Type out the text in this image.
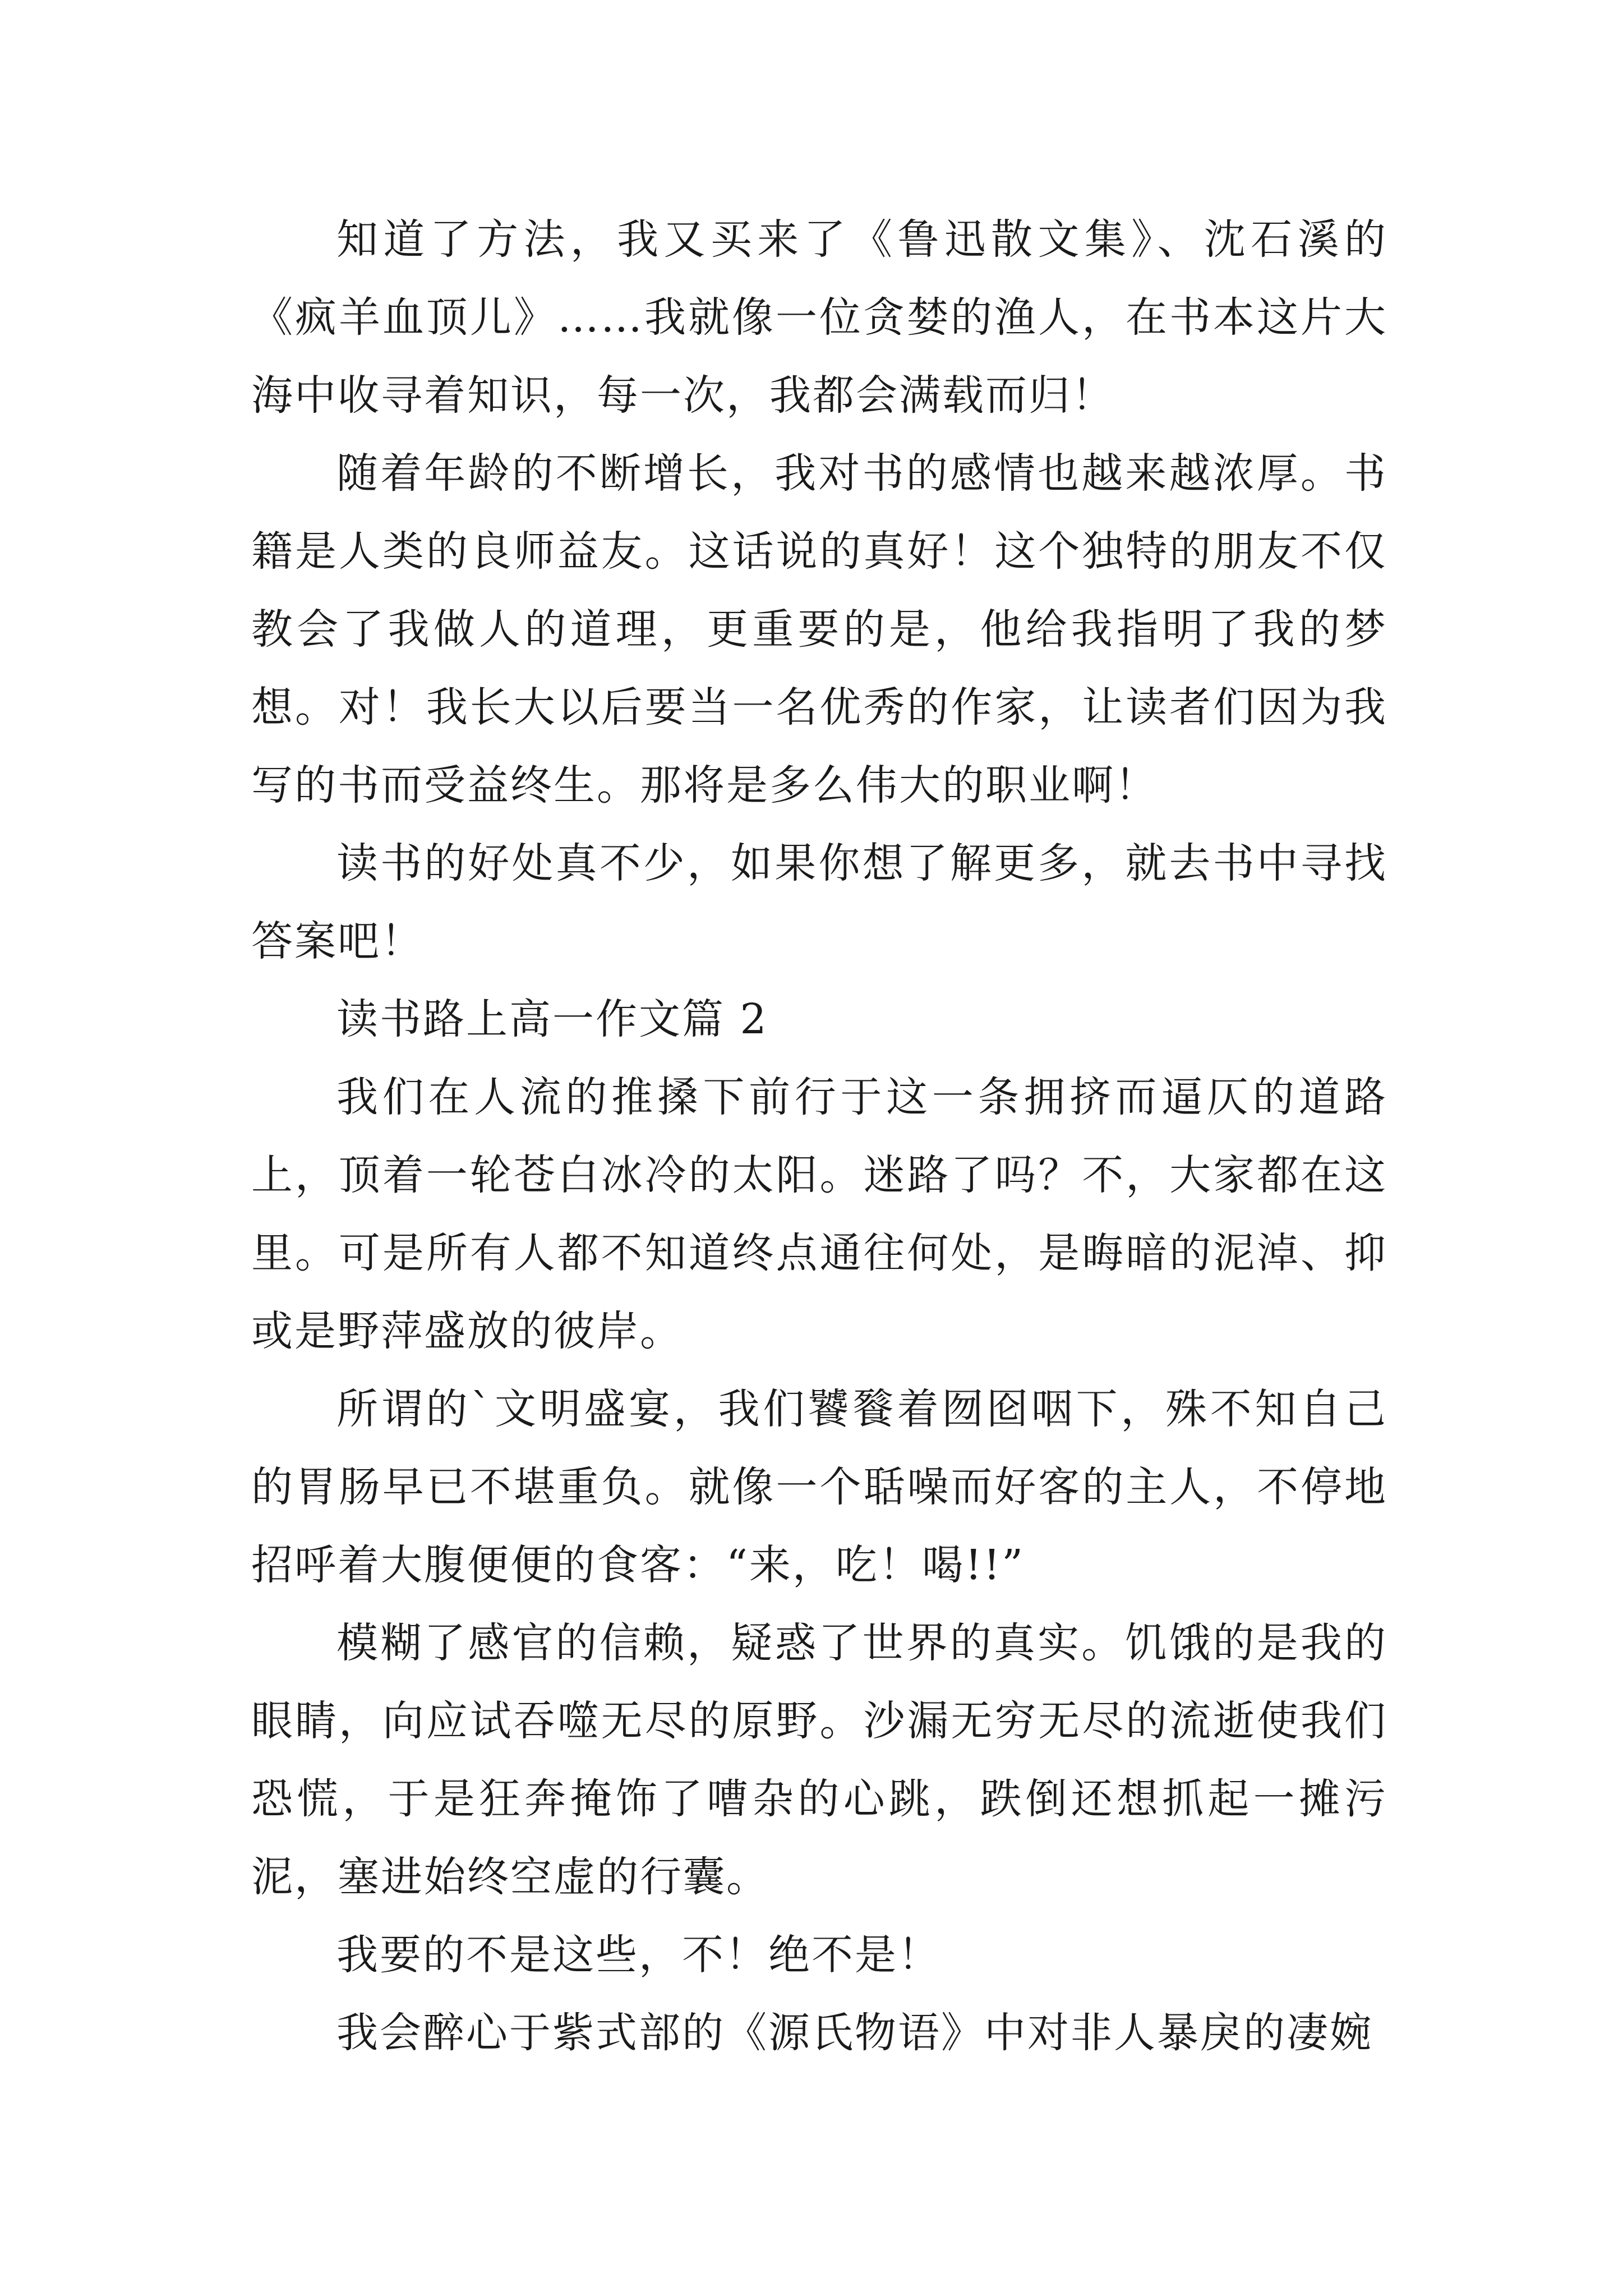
知道了方法，我又买来了《鲁迅散文集》、沈石溪的《疯羊血顶儿》……我就像一位贪婪的渔人，在书本这片大海中收寻着知识，每一次，我都会满载而归！

随着年龄的不断增长，我对书的感情也越来越浓厚。书籍是人类的良师益友。这话说的真好！这个独特的朋友不仅教会了我做人的道理，更重要的是，他给我指明了我的梦想。对！我长大以后要当一名优秀的作家，让读者们因为我写的书而受益终生。那将是多么伟大的职业啊！

读书的好处真不少，如果你想了解更多，就去书中寻找答案吧！

读书路上高一作文篇 2

我们在人流的推搡下前行于这一条拥挤而逼仄的道路上，顶着一轮苍白冰冷的太阳。迷路了吗？不，大家都在这里。可是所有人都不知道终点通往何处，是晦暗的泥淖、抑或是野萍盛放的彼岸。

所谓的`文明盛宴，我们饕餮着囫囵咽下，殊不知自己的胃肠早已不堪重负。就像一个聒噪而好客的主人，不停地招呼着大腹便便的食客：“来，吃！喝!!”

模糊了感官的信赖，疑惑了世界的真实。饥饿的是我的眼睛，向应试吞噬无尽的原野。沙漏无穷无尽的流逝使我们恐慌，于是狂奔掩饰了嘈杂的心跳，跌倒还想抓起一摊污泥，塞进始终空虚的行囊。

我要的不是这些，不！绝不是！

我会醉心于紫式部的《源氏物语》中对非人暴戾的凄婉
